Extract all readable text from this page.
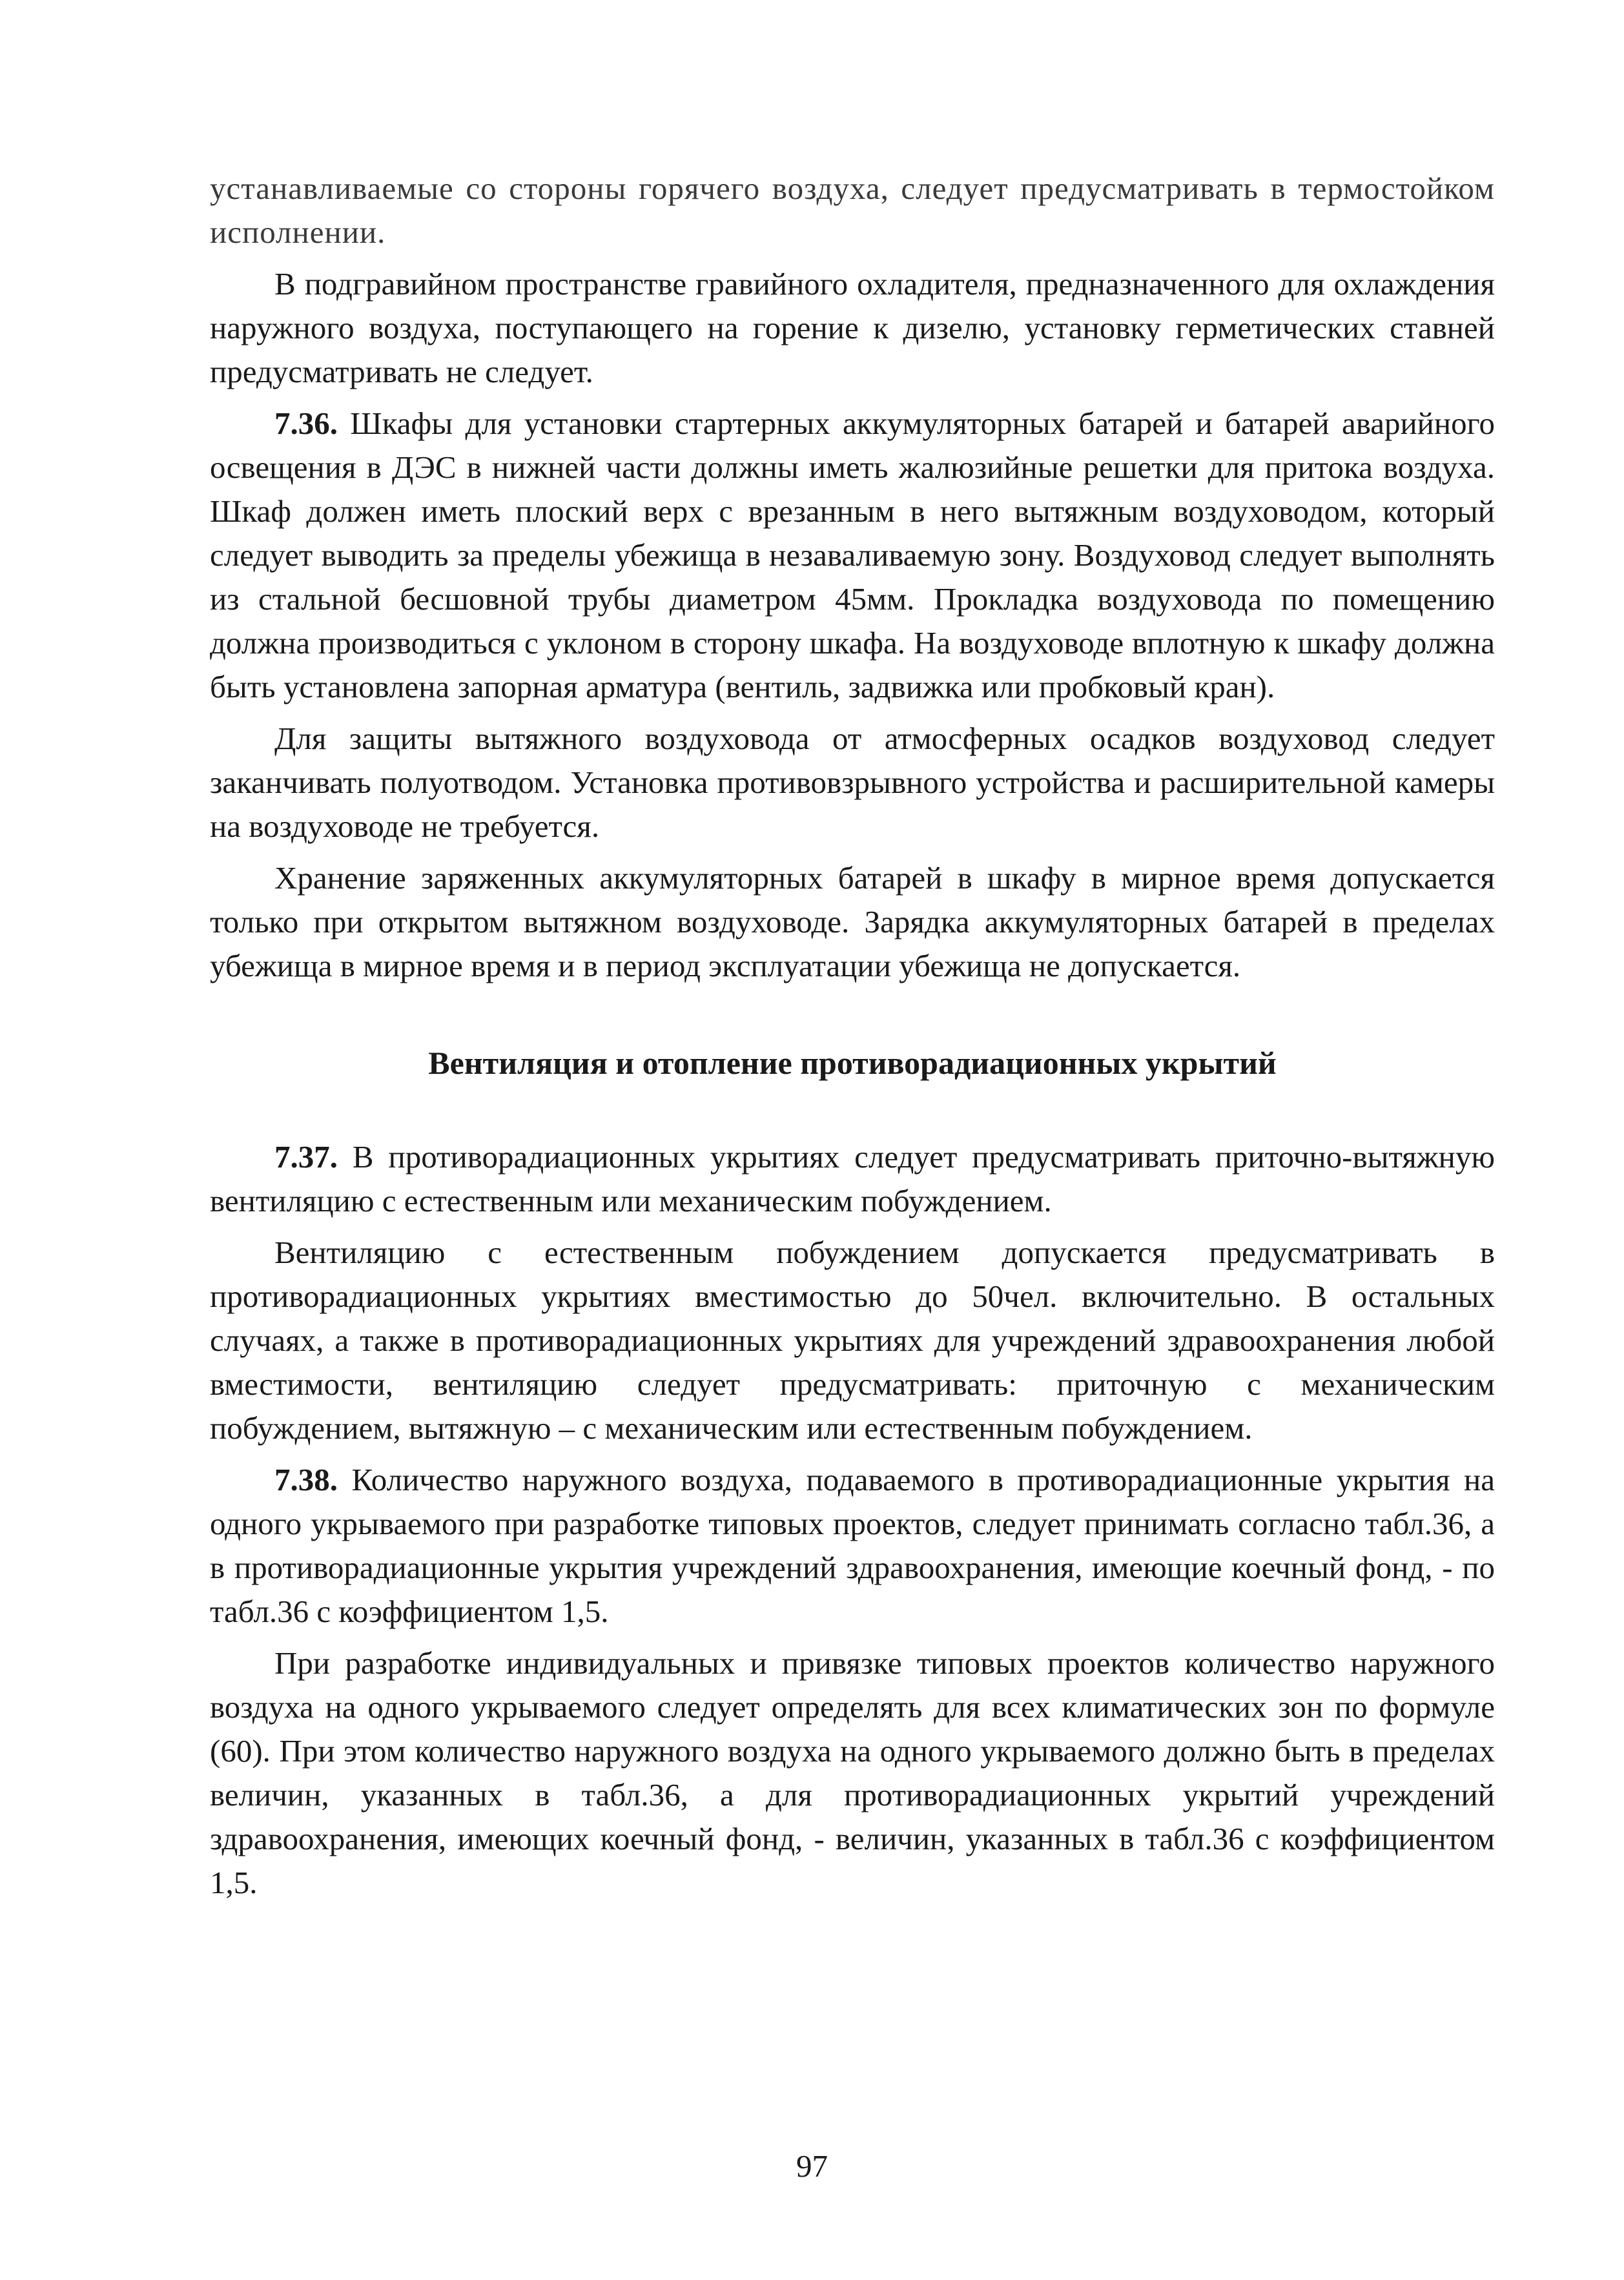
устанавливаемые со стороны горячего воздуха, следует предусматривать в термостойком исполнении.

В подгравийном пространстве гравийного охладителя, предназначенного для охлаждения наружного воздуха, поступающего на горение к дизелю, установку герметических ставней предусматривать не следует.

7.36. Шкафы для установки стартерных аккумуляторных батарей и батарей аварийного освещения в ДЭС в нижней части должны иметь жалюзийные решетки для притока воздуха. Шкаф должен иметь плоский верх с врезанным в него вытяжным воздуховодом, который следует выводить за пределы убежища в незаваливаемую зону. Воздуховод следует выполнять из стальной бесшовной трубы диаметром 45мм. Прокладка воздуховода по помещению должна производиться с уклоном в сторону шкафа. На воздуховоде вплотную к шкафу должна быть установлена запорная арматура (вентиль, задвижка или пробковый кран).

Для защиты вытяжного воздуховода от атмосферных осадков воздуховод следует заканчивать полуотводом. Установка противовзрывного устройства и расширительной камеры на воздуховоде не требуется.

Хранение заряженных аккумуляторных батарей в шкафу в мирное время допускается только при открытом вытяжном воздуховоде. Зарядка аккумуляторных батарей в пределах убежища в мирное время и в период эксплуатации убежища не допускается.

Вентиляция и отопление противорадиационных укрытий

7.37. В противорадиационных укрытиях следует предусматривать приточно-вытяжную вентиляцию с естественным или механическим побуждением.

Вентиляцию с естественным побуждением допускается предусматривать в противорадиационных укрытиях вместимостью до 50чел. включительно. В остальных случаях, а также в противорадиационных укрытиях для учреждений здравоохранения любой вместимости, вентиляцию следует предусматривать: приточную с механическим побуждением, вытяжную – с механическим или естественным побуждением.

7.38. Количество наружного воздуха, подаваемого в противорадиационные укрытия на одного укрываемого при разработке типовых проектов, следует принимать согласно табл.36, а в противорадиационные укрытия учреждений здравоохранения, имеющие коечный фонд, - по табл.36 с коэффициентом 1,5.

При разработке индивидуальных и привязке типовых проектов количество наружного воздуха на одного укрываемого следует определять для всех климатических зон по формуле (60). При этом количество наружного воздуха на одного укрываемого должно быть в пределах величин, указанных в табл.36, а для противорадиационных укрытий учреждений здравоохранения, имеющих коечный фонд, - величин, указанных в табл.36 с коэффициентом 1,5.

97
